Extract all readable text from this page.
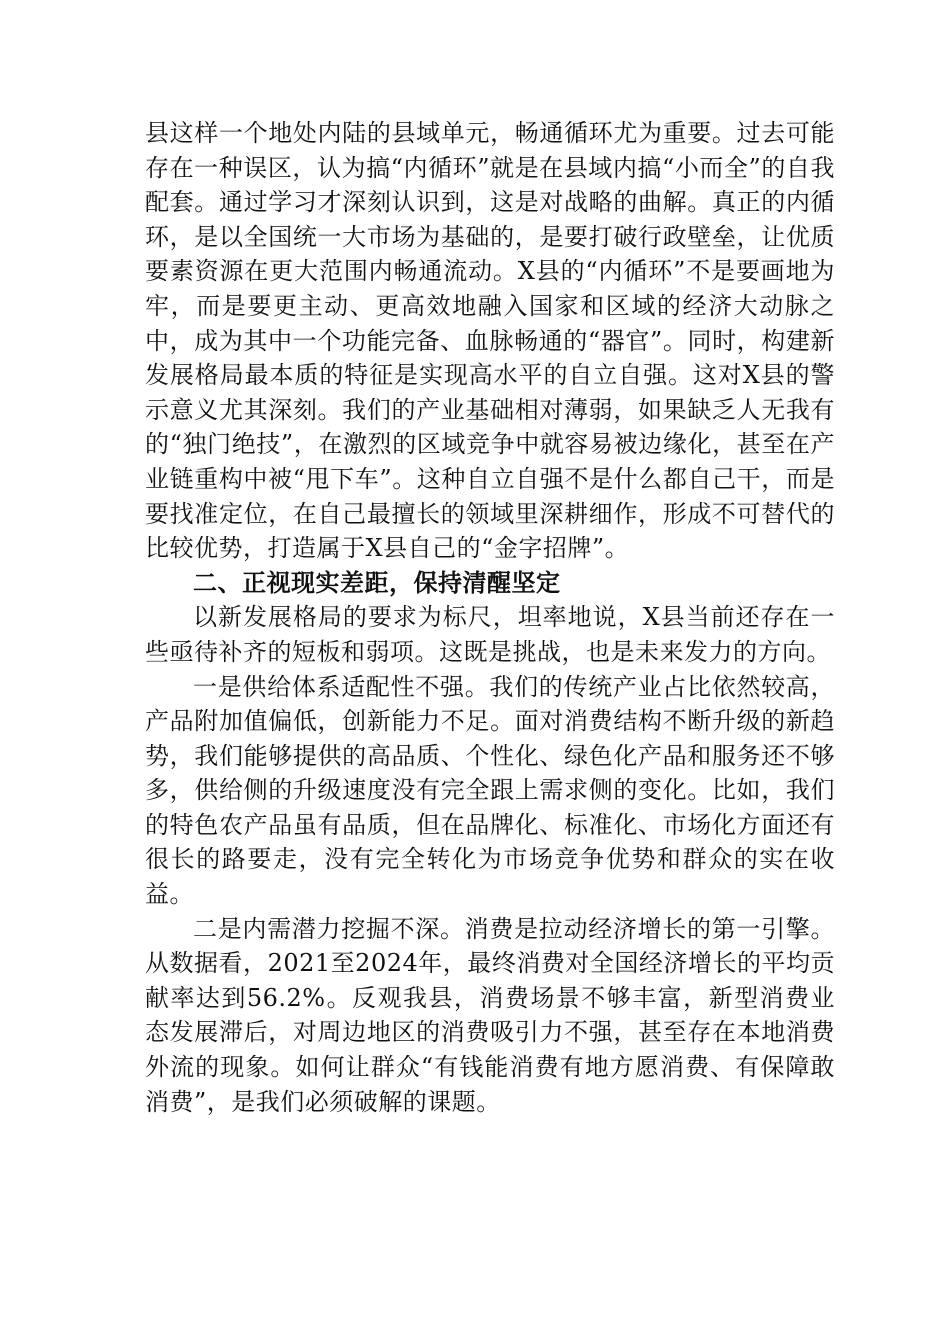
县这样一个地处内陆的县域单元，畅通循环尤为重要。过去可能存在一种误区，认为搞“内循环”就是在县域内搞“小而全”的自我配套。通过学习才深刻认识到，这是对战略的曲解。真正的内循环，是以全国统一大市场为基础的，是要打破行政壁垒，让优质要素资源在更大范围内畅通流动。X县的“内循环”不是要画地为牢，而是要更主动、更高效地融入国家和区域的经济大动脉之中，成为其中一个功能完备、血脉畅通的“器官”。同时，构建新发展格局最本质的特征是实现高水平的自立自强。这对X县的警示意义尤其深刻。我们的产业基础相对薄弱，如果缺乏人无我有的“独门绝技”，在激烈的区域竞争中就容易被边缘化，甚至在产业链重构中被“甩下车”。这种自立自强不是什么都自己干，而是要找准定位，在自己最擅长的领域里深耕细作，形成不可替代的比较优势，打造属于X县自己的“金字招牌”。

二、正视现实差距，保持清醒坚定

以新发展格局的要求为标尺，坦率地说，X县当前还存在一些亟待补齐的短板和弱项。这既是挑战，也是未来发力的方向。

一是供给体系适配性不强。我们的传统产业占比依然较高，产品附加值偏低，创新能力不足。面对消费结构不断升级的新趋势，我们能够提供的高品质、个性化、绿色化产品和服务还不够多，供给侧的升级速度没有完全跟上需求侧的变化。比如，我们的特色农产品虽有品质，但在品牌化、标准化、市场化方面还有很长的路要走，没有完全转化为市场竞争优势和群众的实在收益。

二是内需潜力挖掘不深。消费是拉动经济增长的第一引擎。从数据看，2021至2024年，最终消费对全国经济增长的平均贡献率达到56.2%。反观我县，消费场景不够丰富，新型消费业态发展滞后，对周边地区的消费吸引力不强，甚至存在本地消费外流的现象。如何让群众“有钱能消费有地方愿消费、有保障敢消费”，是我们必须破解的课题。
